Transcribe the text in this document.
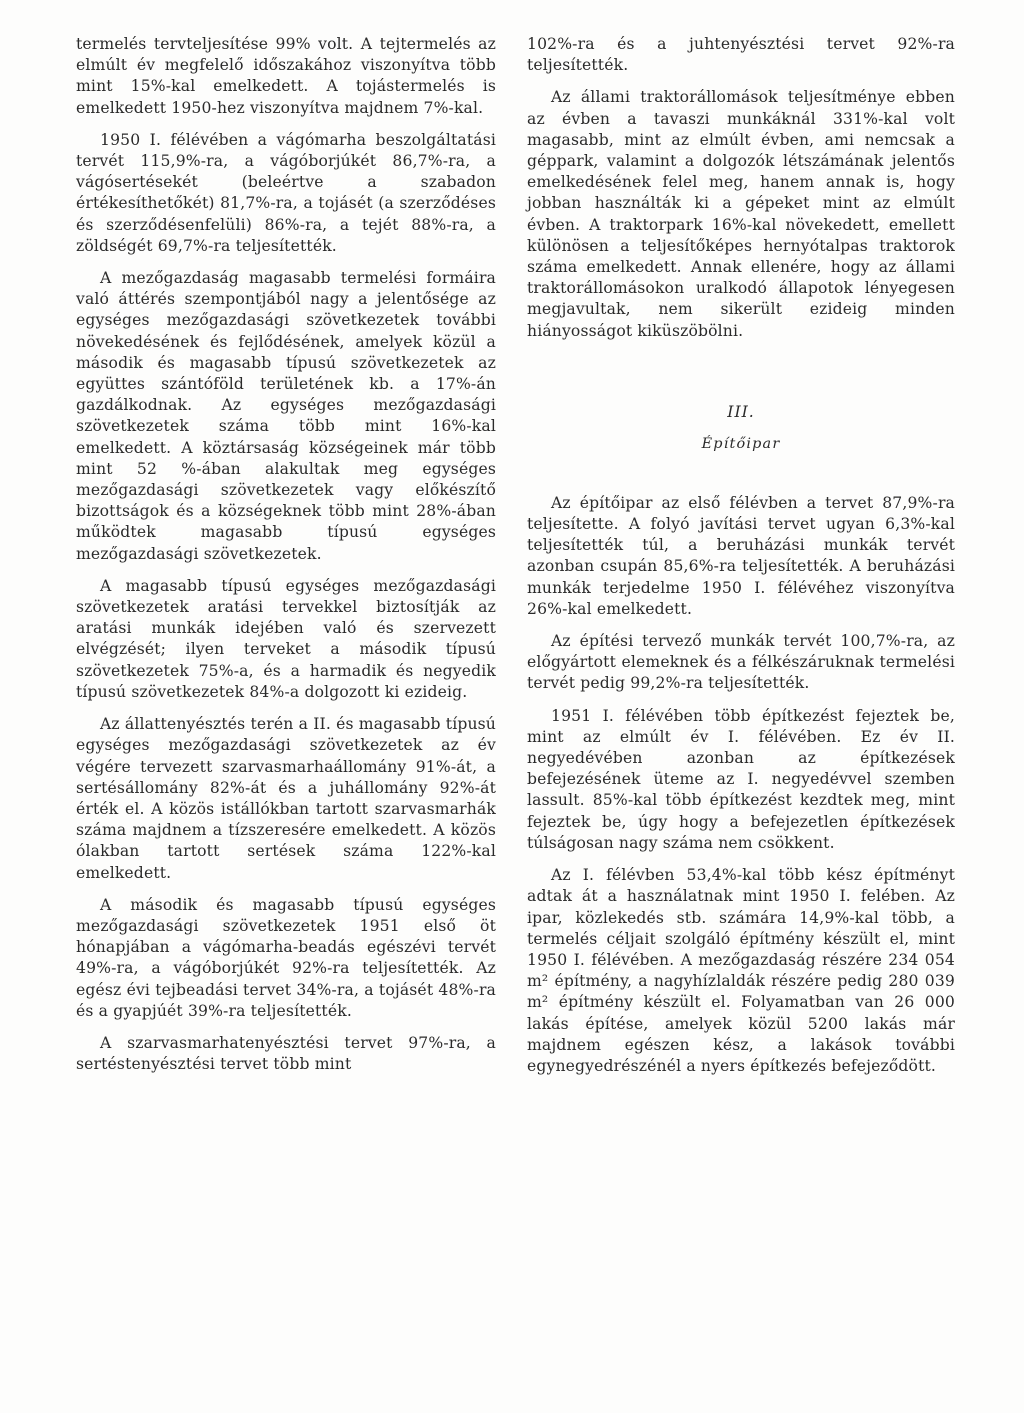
termelés tervteljesítése 99% volt. A tejtermelés az elmúlt év megfelelő időszakához viszonyítva több mint 15%-kal emelkedett. A tojástermelés is emelkedett 1950-hez viszonyítva majdnem 7%-kal.

1950 I. félévében a vágómarha beszolgáltatási tervét 115,9%-ra, a vágóborjúkét 86,7%-ra, a vágósertésekét (beleértve a szabadon értékesíthetőkét) 81,7%-ra, a tojásét (a szerződéses és szerződésenfelüli) 86%-ra, a tejét 88%-ra, a zöldségét 69,7%-ra teljesítették.

A mezőgazdaság magasabb termelési formáira való áttérés szempontjából nagy a jelentősége az egységes mezőgazdasági szövetkezetek további növekedésének és fejlődésének, amelyek közül a második és magasabb típusú szövetkezetek az együttes szántóföld területének kb. a 17%-án gazdálkodnak. Az egységes mezőgazdasági szövetkezetek száma több mint 16%-kal emelkedett. A köztársaság községeinek már több mint 52 %-ában alakultak meg egységes mezőgazdasági szövetkezetek vagy előkészítő bizottságok és a községeknek több mint 28%-ában működtek magasabb típusú egységes mezőgazdasági szövetkezetek.

A magasabb típusú egységes mezőgazdasági szövetkezetek aratási tervekkel biztosítják az aratási munkák idejében való és szervezett elvégzését; ilyen terveket a második típusú szövetkezetek 75%-a, és a harmadik és negyedik típusú szövetkezetek 84%-a dolgozott ki ezideig.

Az állattenyésztés terén a II. és magasabb típusú egységes mezőgazdasági szövetkezetek az év végére tervezett szarvasmarhaállomány 91%-át, a sertésállomány 82%-át és a juhállomány 92%-át érték el. A közös istállókban tartott szarvasmarhák száma majdnem a tízszeresére emelkedett. A közös ólakban tartott sertések száma 122%-kal emelkedett.

A második és magasabb típusú egységes mezőgazdasági szövetkezetek 1951 első öt hónapjában a vágómarha-beadás egészévi tervét 49%-ra, a vágóborjúkét 92%-ra teljesítették. Az egész évi tejbeadási tervet 34%-ra, a tojásét 48%-ra és a gyapjúét 39%-ra teljesítették.

A szarvasmarhatenyésztési tervet 97%-ra, a sertéstenyésztési tervet több mint

102%-ra és a juhtenyésztési tervet 92%-ra teljesítették.

Az állami traktorállomások teljesítménye ebben az évben a tavaszi munkáknál 331%-kal volt magasabb, mint az elmúlt évben, ami nemcsak a géppark, valamint a dolgozók létszámának jelentős emelkedésének felel meg, hanem annak is, hogy jobban használták ki a gépeket mint az elmúlt évben. A traktorpark 16%-kal növekedett, emellett különösen a teljesítőképes hernyótalpas traktorok száma emelkedett. Annak ellenére, hogy az állami traktorállomásokon uralkodó állapotok lényegesen megjavultak, nem sikerült ezideig minden hiányosságot kiküszöbölni.

III.
Építőipar

Az építőipar az első félévben a tervet 87,9%-ra teljesítette. A folyó javítási tervet ugyan 6,3%-kal teljesítették túl, a beruházási munkák tervét azonban csupán 85,6%-ra teljesítették. A beruházási munkák terjedelme 1950 I. félévéhez viszonyítva 26%-kal emelkedett.

Az építési tervező munkák tervét 100,7%-ra, az előgyártott elemeknek és a félkészáruknak termelési tervét pedig 99,2%-ra teljesítették.

1951 I. félévében több építkezést fejeztek be, mint az elmúlt év I. félévében. Ez év II. negyedévében azonban az építkezések befejezésének üteme az I. negyedévvel szemben lassult. 85%-kal több építkezést kezdtek meg, mint fejeztek be, úgy hogy a befejezetlen építkezések túlságosan nagy száma nem csökkent.

Az I. félévben 53,4%-kal több kész építményt adtak át a használatnak mint 1950 I. felében. Az ipar, közlekedés stb. számára 14,9%-kal több, a termelés céljait szolgáló építmény készült el, mint 1950 I. félévében. A mezőgazdaság részére 234 054 m² építmény, a nagyhízlaldák részére pedig 280 039 m² építmény készült el. Folyamatban van 26 000 lakás építése, amelyek közül 5200 lakás már majdnem egészen kész, a lakások további egynegyedrészénél a nyers építkezés befejeződött.
